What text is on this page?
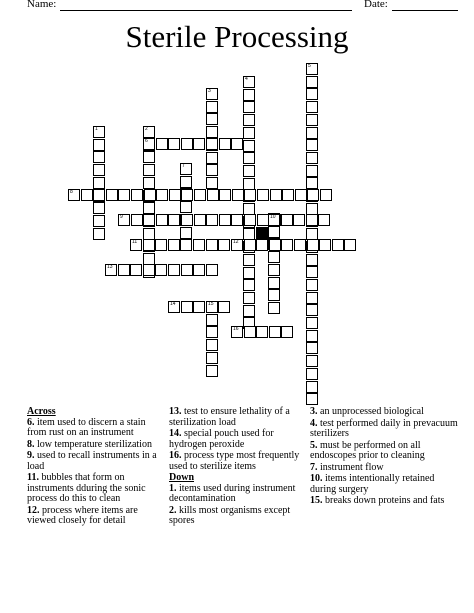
Name:	Date:
Sterile Processing
1	2
3
4
5
7
15
6
8
9	10
11	12
13
14
16
Across
6. item used to discern a stain from rust on an instrument
8. low temperature sterilization
9. used to recall instruments in a load
11. bubbles that form on instruments dduring the sonic process do this to clean
12. process where items are viewed closely for detail
13. test to ensure lethality of a sterilization load
14. special pouch used for hydrogen peroxide
16. process type most frequently used to sterilize items
Down
1. items used during instrument decontamination
2. kills most organisms except spores
3. an unprocessed biological
4. test performed daily in prevacuum sterilizers
5. must be performed on all endoscopes prior to cleaning
7. instrument flow
10. items intentionally retained during surgery
15. breaks down proteins and fats
